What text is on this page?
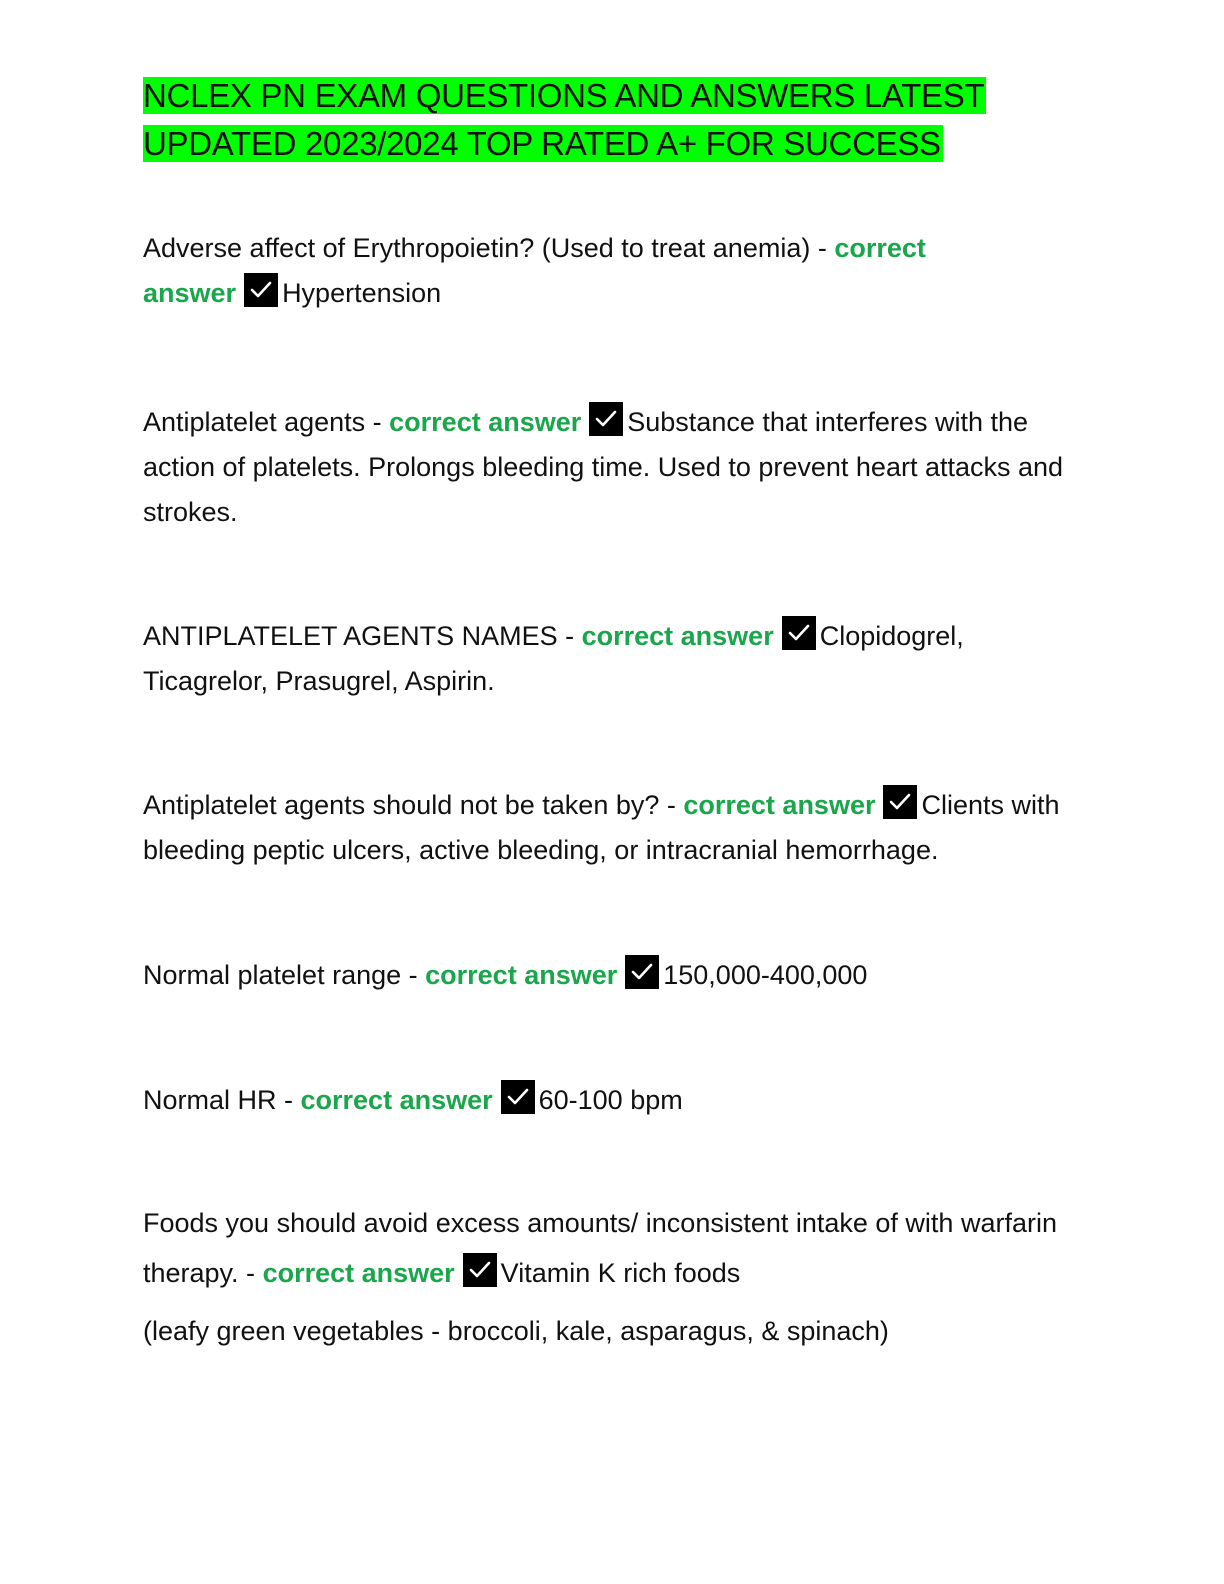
NCLEX PN EXAM QUESTIONS AND ANSWERS LATEST
UPDATED 2023/2024 TOP RATED A+ FOR SUCCESS
Adverse affect of Erythropoietin? (Used to treat anemia) - correct
answer Hypertension
Antiplatelet agents - correct answer Substance that interferes with the action of platelets. Prolongs bleeding time. Used to prevent heart attacks and strokes.
ANTIPLATELET AGENTS NAMES - correct answer Clopidogrel, Ticagrelor, Prasugrel, Aspirin.
Antiplatelet agents should not be taken by? - correct answer Clients with bleeding peptic ulcers, active bleeding, or intracranial hemorrhage.
Normal platelet range - correct answer 150,000-400,000
Normal HR - correct answer 60-100 bpm
Foods you should avoid excess amounts/ inconsistent intake of with warfarin therapy. - correct answer Vitamin K rich foods
(leafy green vegetables - broccoli, kale, asparagus, & spinach)
